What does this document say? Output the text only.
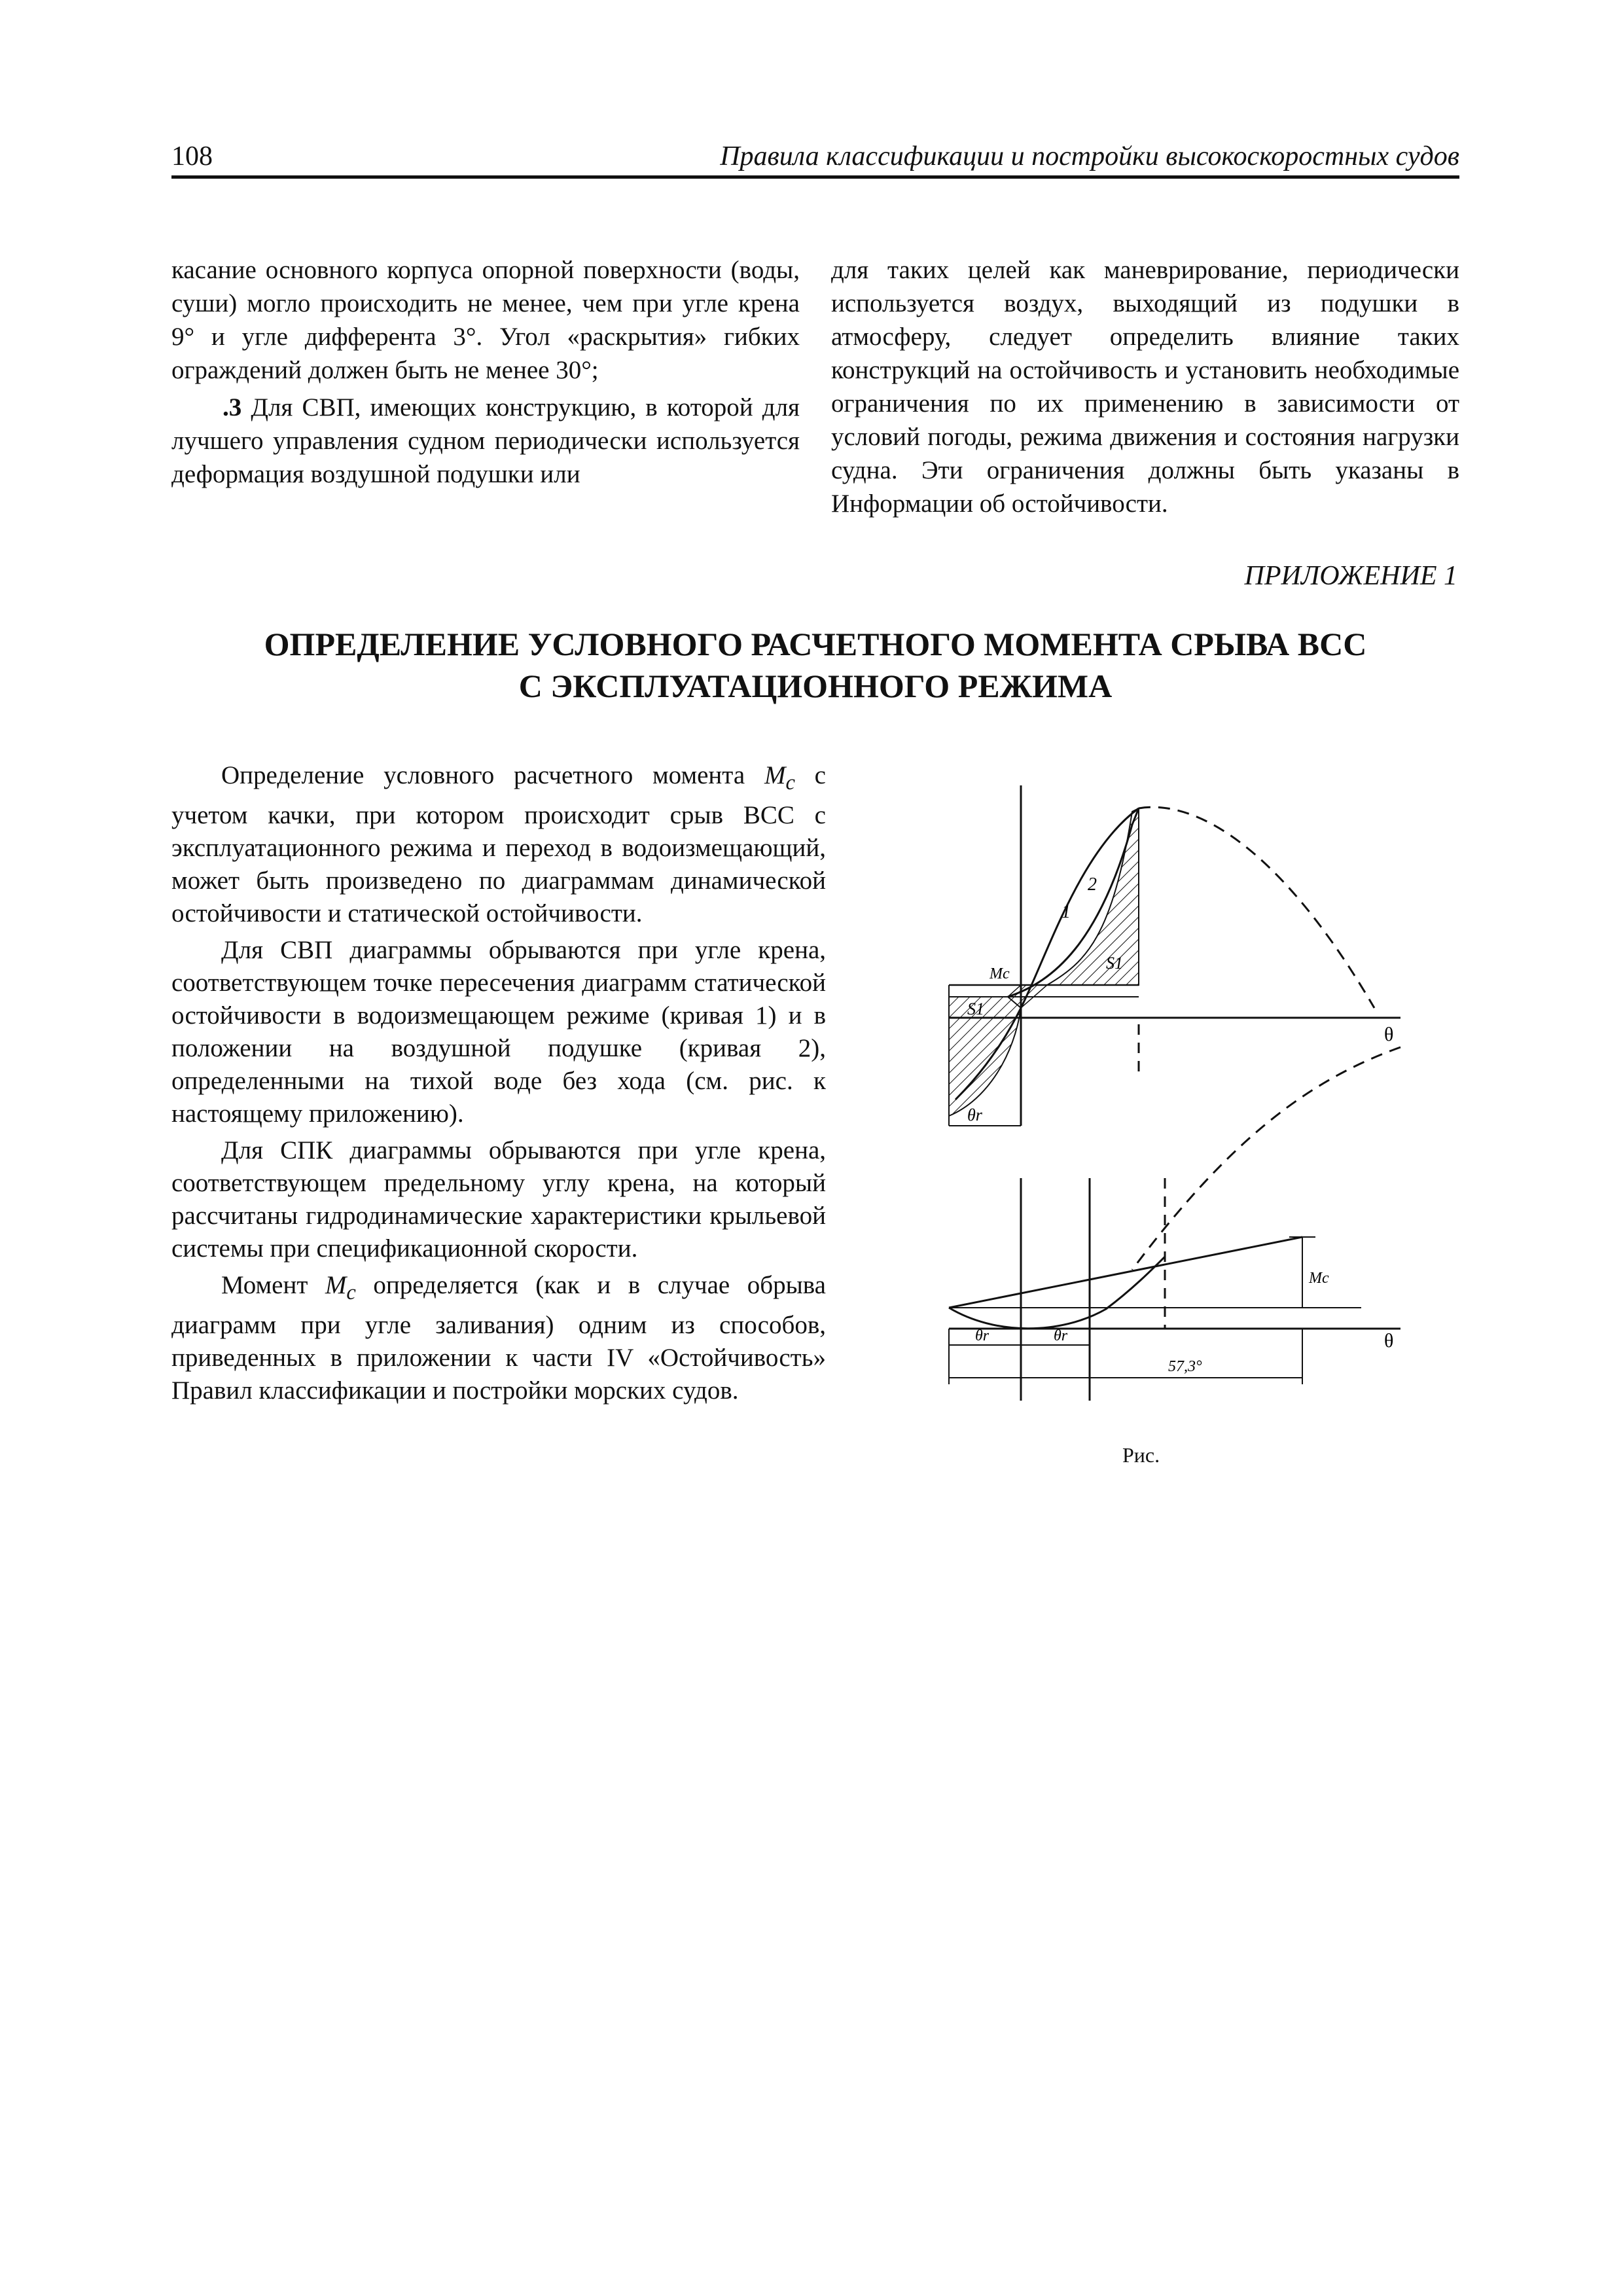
108	Правила классификации и постройки высокоскоростных судов

касание основного корпуса опорной поверхности (воды, суши) могло происходить не менее, чем при угле крена 9° и угле дифферента 3°. Угол «раскрытия» гибких ограждений должен быть не менее 30°;

.3 Для СВП, имеющих конструкцию, в которой для лучшего управления судном периодически используется деформация воздушной подушки или

для таких целей как маневрирование, периодически используется воздух, выходящий из подушки в атмосферу, следует определить влияние таких конструкций на остойчивость и установить необходимые ограничения по их применению в зависимости от условий погоды, режима движения и состояния нагрузки судна. Эти ограничения должны быть указаны в Информации об остойчивости.

ПРИЛОЖЕНИЕ 1
ОПРЕДЕЛЕНИЕ УСЛОВНОГО РАСЧЕТНОГО МОМЕНТА СРЫВА ВСС
С ЭКСПЛУАТАЦИОННОГО РЕЖИМА

Определение условного расчетного момента $M_c$ с учетом качки, при котором происходит срыв ВСС с эксплуатационного режима и переход в водоизмещающий, может быть произведено по диаграммам динамической остойчивости и статической остойчивости.

Для СВП диаграммы обрываются при угле крена, соответствующем точке пересечения диаграмм статической остойчивости в водоизмещающем режиме (кривая 1) и в положении на воздушной подушке (кривая 2), определенными на тихой воде без хода (см. рис. к настоящему приложению).

Для СПК диаграммы обрываются при угле крена, соответствующем предельному углу крена, на который рассчитаны гидродинамические характеристики крыльевой системы при спецификационной скорости.

Момент $M_c$ определяется (как и в случае обрыва диаграмм при угле заливания) одним из способов, приведенных в приложении к части IV «Остойчивость» Правил классификации и постройки морских судов.

1
2
Mc
S1
S1
θ
θr
Mc
θr	θr
57,3°
θ
Рис.
